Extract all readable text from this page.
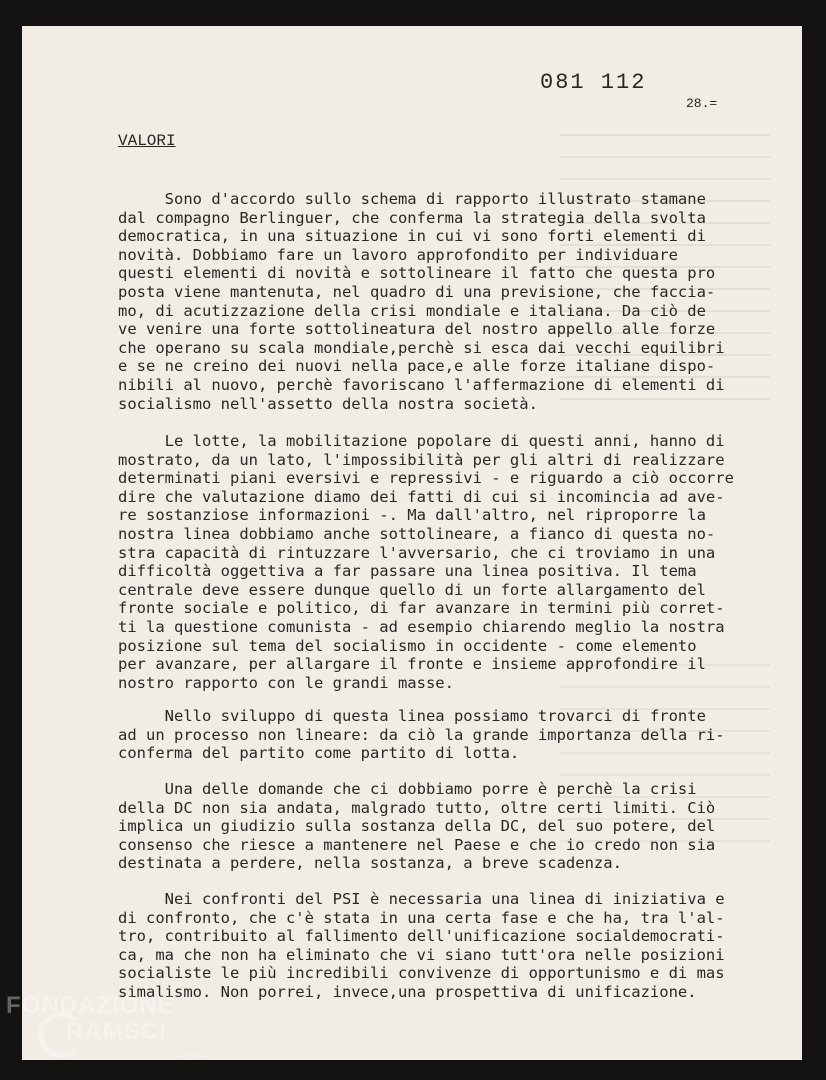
081 112
28.=
VALORI
Sono d'accordo sullo schema di rapporto illustrato stamane
dal compagno Berlinguer, che conferma la strategia della svolta
democratica, in una situazione in cui vi sono forti elementi di
novità. Dobbiamo fare un lavoro approfondito per individuare
questi elementi di novità e sottolineare il fatto che questa pro
posta viene mantenuta, nel quadro di una previsione, che faccia-
mo, di acutizzazione della crisi mondiale e italiana. Da ciò de
ve venire una forte sottolineatura del nostro appello alle forze
che operano su scala mondiale,perchè si esca dai vecchi equilibri
e se ne creino dei nuovi nella pace,e alle forze italiane dispo-
nibili al nuovo, perchè favoriscano l'affermazione di elementi di
socialismo nell'assetto della nostra società.
Le lotte, la mobilitazione popolare di questi anni, hanno di
mostrato, da un lato, l'impossibilità per gli altri di realizzare
determinati piani eversivi e repressivi - e riguardo a ciò occorre
dire che valutazione diamo dei fatti di cui si incomincia ad ave-
re sostanziose informazioni -. Ma dall'altro, nel riproporre la
nostra linea dobbiamo anche sottolineare, a fianco di questa no-
stra capacità di rintuzzare l'avversario, che ci troviamo in una
difficoltà oggettiva a far passare una linea positiva. Il tema
centrale deve essere dunque quello di un forte allargamento del
fronte sociale e politico, di far avanzare in termini più corret-
ti la questione comunista - ad esempio chiarendo meglio la nostra
posizione sul tema del socialismo in occidente - come elemento
per avanzare, per allargare il fronte e insieme approfondire il
nostro rapporto con le grandi masse.
Nello sviluppo di questa linea possiamo trovarci di fronte
ad un processo non lineare: da ciò la grande importanza della ri-
conferma del partito come partito di lotta.
Una delle domande che ci dobbiamo porre è perchè la crisi
della DC non sia andata, malgrado tutto, oltre certi limiti. Ciò
implica un giudizio sulla sostanza della DC, del suo potere, del
consenso che riesce a mantenere nel Paese e che io credo non sia
destinata a perdere, nella sostanza, a breve scadenza.
Nei confronti del PSI è necessaria una linea di iniziativa e
di confronto, che c'è stata in una certa fase e che ha, tra l'al-
tro, contribuito al fallimento dell'unificazione socialdemocrati-
ca, ma che non ha eliminato che vi siano tutt'ora nelle posizioni
socialiste le più incredibili convivenze di opportunismo e di mas
simalismo. Non porrei, invece,una prospettiva di unificazione.
FONDAZIONE
RAMSCI
onlus
